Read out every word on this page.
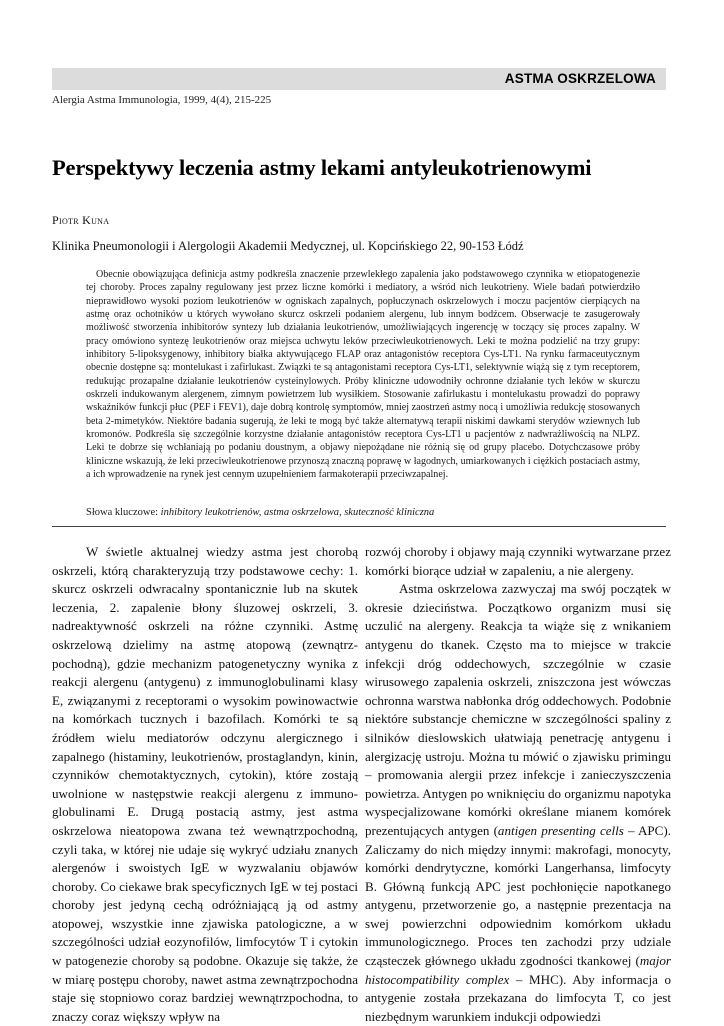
ASTMA OSKRZELOWA
Alergia Astma Immunologia, 1999, 4(4), 215-225
Perspektywy leczenia astmy lekami antyleukotrienowymi
Piotr Kuna
Klinika Pneumonologii i Alergologii Akademii Medycznej, ul. Kopcińskiego 22, 90-153 Łódź
Obecnie obowiązująca definicja astmy podkreśla znaczenie przewlekłego zapalenia jako podstawowego czynnika w etiopatogenezie tej choroby. Proces zapalny regulowany jest przez liczne komórki i mediatory, a wśród nich leukotrieny. Wiele badań potwierdziło nieprawidłowo wysoki poziom leukotrienów w ogniskach zapalnych, popłuczynach oskrzelowych i moczu pacjentów cierpiących na astmę oraz ochotników u których wywołano skurcz oskrzeli podaniem alergenu, lub innym bodźcem. Obserwacje te zasugerowały możliwość stworzenia inhibitorów syntezy lub działania leukotrienów, umożliwiających ingerencję w toczący się proces zapalny. W pracy omówiono syntezę leukotrienów oraz miejsca uchwytu leków przeciwleukotrienowych. Leki te można podzielić na trzy grupy: inhibitory 5-lipoksygenowy, inhibitory białka aktywującego FLAP oraz antagonistów receptora Cys-LT1. Na rynku farmaceutycznym obecnie dostępne są: montelukast i zafirlukast. Związki te są antagonistami receptora Cys-LT1, selektywnie wiążą się z tym receptorem, redukując prozapalne działanie leukotrienów cysteinylowych. Próby kliniczne udowodniły ochronne działanie tych leków w skurczu oskrzeli indukowanym alergenem, zimnym powietrzem lub wysiłkiem. Stosowanie zafirlukastu i montelukastu prowadzi do poprawy wskaźników funkcji płuc (PEF i FEV1), daje dobrą kontrolę symptomów, mniej zaostrzeń astmy nocą i umożliwia redukcję stosowanych beta 2-mimetyków. Niektóre badania sugerują, że leki te mogą być także alternatywą terapii niskimi dawkami sterydów wziewnych lub kromonów. Podkreśla się szczególnie korzystne działanie antagonistów receptora Cys-LT1 u pacjentów z nadwrażliwością na NLPZ. Leki te dobrze się wchłaniają po podaniu doustnym, a objawy niepożądane nie różnią się od grupy placebo. Dotychczasowe próby kliniczne wskazują, że leki przeciwleukotrienowe przynoszą znaczną poprawę w łagodnych, umiarkowanych i ciężkich postaciach astmy, a ich wprowadzenie na rynek jest cennym uzupełnieniem farmakoterapii przeciwzapalnej.
Słowa kluczowe: inhibitory leukotrienów, astma oskrzelowa, skuteczność kliniczna

W świetle aktualnej wiedzy astma jest chorobą oskrzeli, którą charakteryzują trzy podstawowe cechy: 1. skurcz oskrzeli odwracalny spontanicznie lub na skutek leczenia, 2. zapalenie błony śluzowej oskrzeli, 3. nadreaktywność oskrzeli na różne czynniki. Astmę oskrzelową dzielimy na astmę atopową (zewnątrz-pochodną), gdzie mechanizm patogenetyczny wynika z reakcji alergenu (antygenu) z immunoglobulinami klasy E, związanymi z receptorami o wysokim powinowactwie na komórkach tucznych i bazofilach. Komórki te są źródłem wielu mediatorów odczynu alergicznego i zapalnego (histaminy, leukotrienów, prostaglandyn, kinin, czynników chemotaktycznych, cytokin), które zostają uwolnione w następstwie reakcji alergenu z immuno-globulinami E. Drugą postacią astmy, jest astma oskrzelowa nieatopowa zwana też wewnątrzpochodną, czyli taka, w której nie udaje się wykryć udziału znanych alergenów i swoistych IgE w wyzwalaniu objawów choroby. Co ciekawe brak specyficznych IgE w tej postaci choroby jest jedyną cechą odróżniającą ją od astmy atopowej, wszystkie inne zjawiska patologiczne, a w szczególności udział eozynofilów, limfocytów T i cytokin w patogenezie choroby są podobne. Okazuje się także, że w miarę postępu choroby, nawet astma zewnątrzpochodna staje się stopniowo coraz bardziej wewnątrzpochodna, to znaczy coraz większy wpływ na

rozwój choroby i objawy mają czynniki wytwarzane przez komórki biorące udział w zapaleniu, a nie alergeny.

Astma oskrzelowa zazwyczaj ma swój początek w okresie dzieciństwa. Początkowo organizm musi się uczulić na alergeny. Reakcja ta wiąże się z wnikaniem antygenu do tkanek. Często ma to miejsce w trakcie infekcji dróg oddechowych, szczególnie w czasie wirusowego zapalenia oskrzeli, zniszczona jest wówczas ochronna warstwa nabłonka dróg oddechowych. Podobnie niektóre substancje chemiczne w szczególności spaliny z silników dieslowskich ułatwiają penetrację antygenu i alergizację ustroju. Można tu mówić o zjawisku primingu – promowania alergii przez infekcje i zanieczyszczenia powietrza. Antygen po wniknięciu do organizmu napotyka wyspecjalizowane komórki określane mianem komórek prezentujących antygen (antigen presenting cells – APC). Zaliczamy do nich między innymi: makrofagi, monocyty, komórki dendrytyczne, komórki Langerhansa, limfocyty B. Główną funkcją APC jest pochłonięcie napotkanego antygenu, przetworzenie go, a następnie prezentacja na swej powierzchni odpowiednim komórkom układu immunologicznego. Proces ten zachodzi przy udziale cząsteczek głównego układu zgodności tkankowej (major histocompatibility complex – MHC). Aby informacja o antygenie została przekazana do limfocyta T, co jest niezbędnym warunkiem indukcji odpowiedzi
